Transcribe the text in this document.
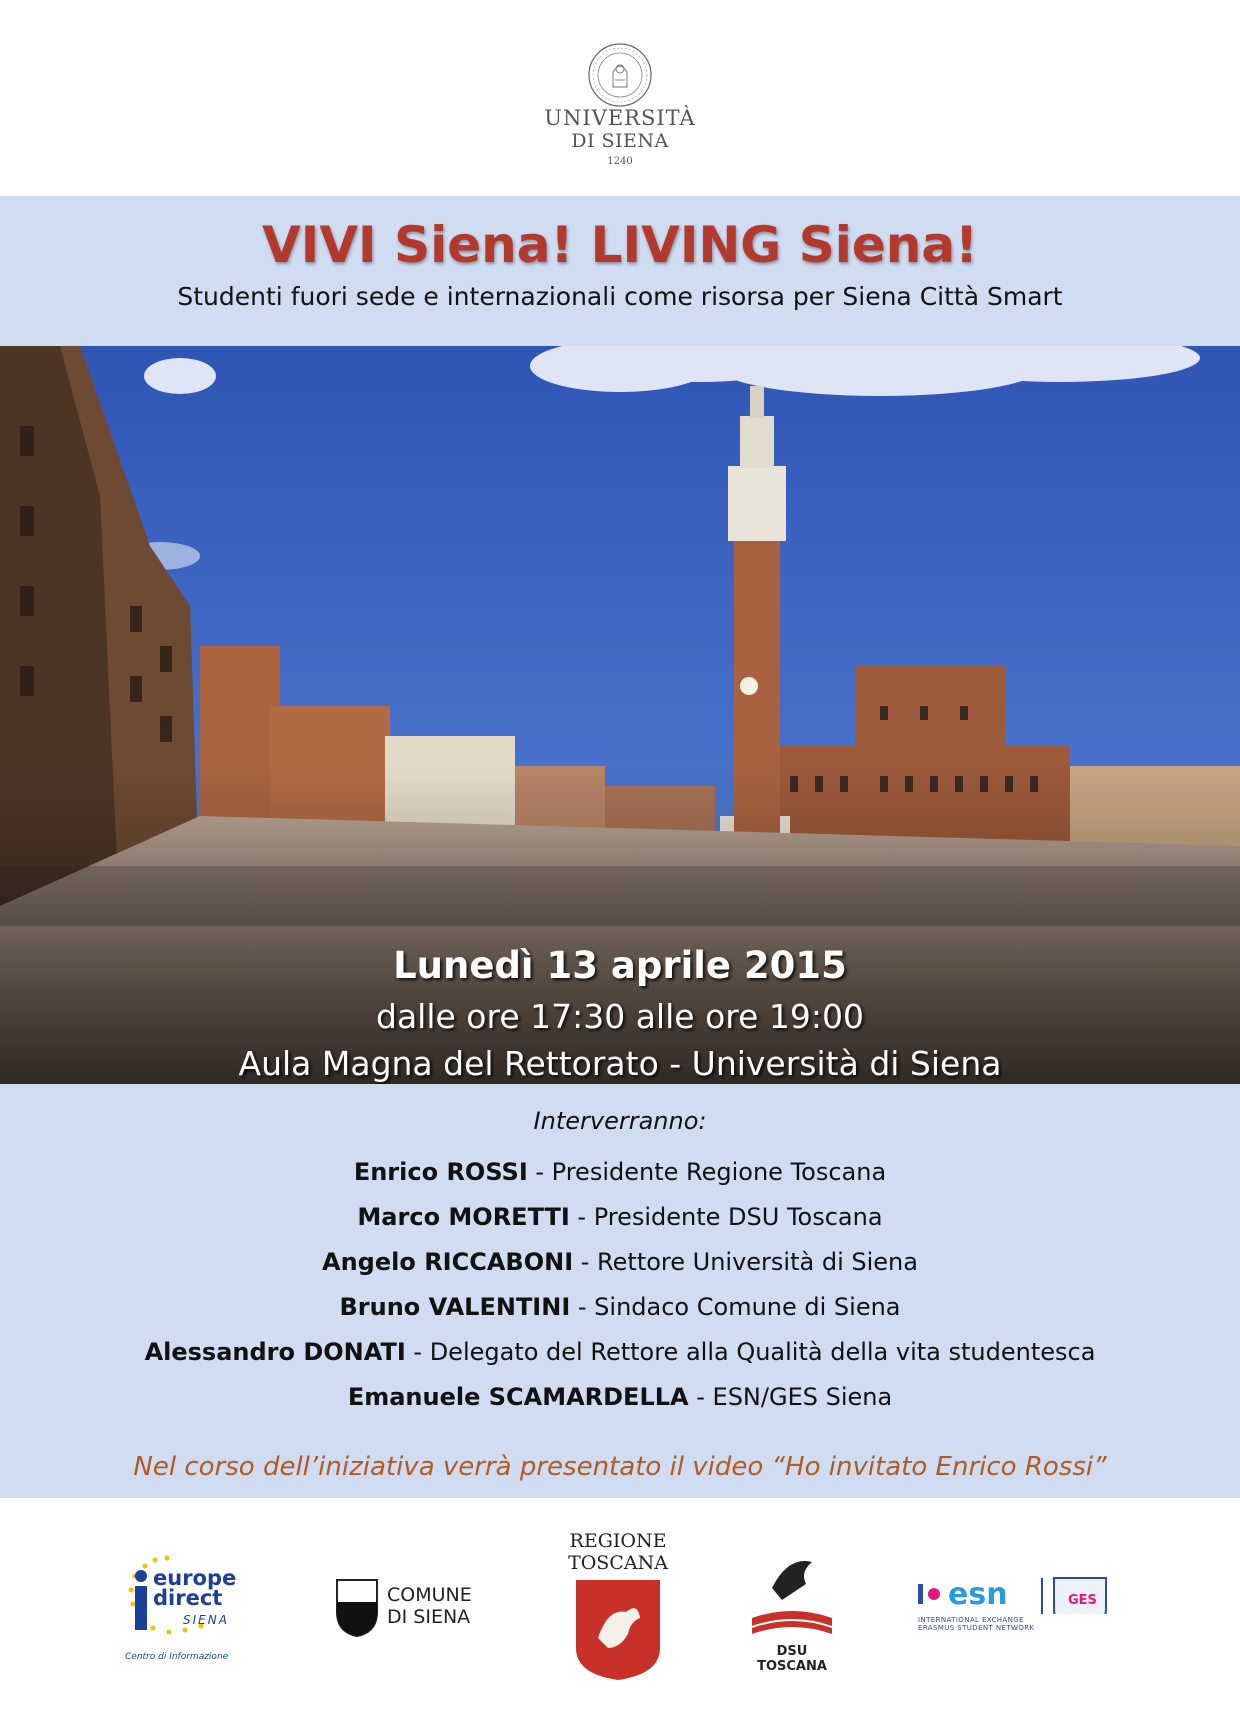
UNIVERSITÀ
DI SIENA
1240
VIVI Siena! LIVING Siena!
Studenti fuori sede e internazionali come risorsa per Siena Città Smart
Lunedì 13 aprile 2015
dalle ore 17:30 alle ore 19:00
Aula Magna del Rettorato - Università di Siena
Interverranno:
Enrico ROSSI - Presidente Regione Toscana
Marco MORETTI - Presidente DSU Toscana
Angelo RICCABONI - Rettore Università di Siena
Bruno VALENTINI - Sindaco Comune di Siena
Alessandro DONATI - Delegato del Rettore alla Qualità della vita studentesca
Emanuele SCAMARDELLA - ESN/GES Siena
Nel corso dell’iniziativa verrà presentato il video “Ho invitato Enrico Rossi”
europe
direct
SIENA
Centro di Informazione
COMUNE
DI SIENA
REGIONE
TOSCANA
DSU TOSCANA
esn	GES
INTERNATIONAL EXCHANGE
ERASMUS STUDENT NETWORK
